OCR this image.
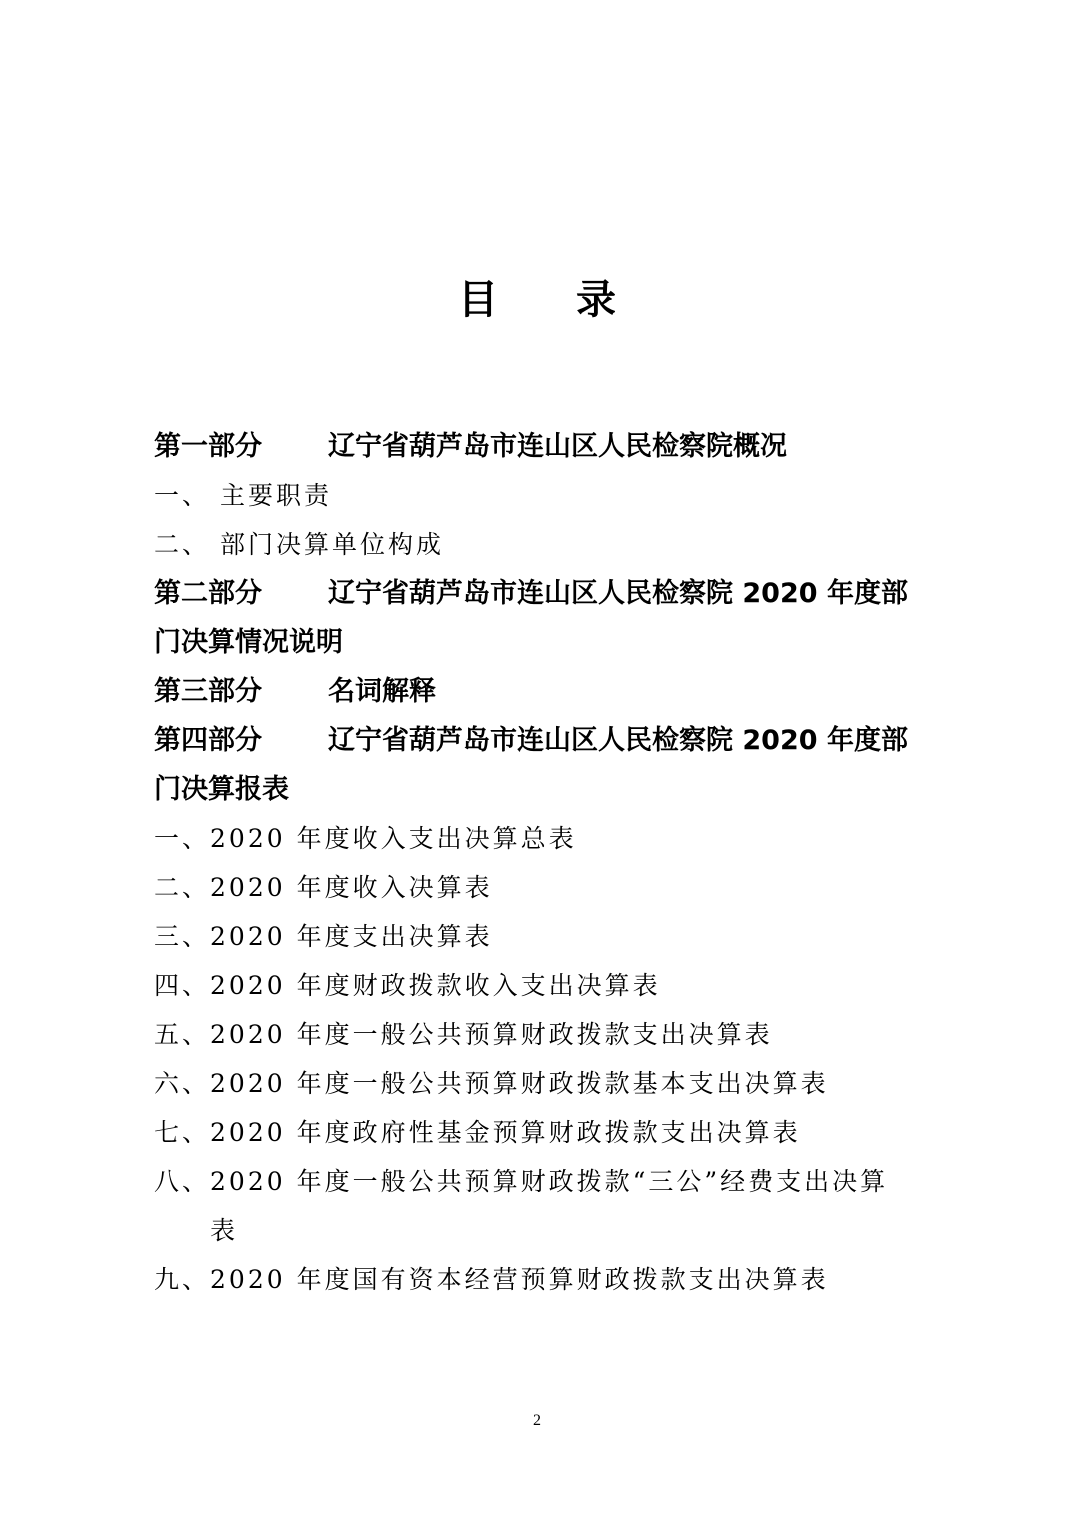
目 录
第一部分	辽宁省葫芦岛市连山区人民检察院概况
一、 主要职责
二、 部门决算单位构成
第二部分 辽宁省葫芦岛市连山区人民检察院 2020 年度部门决算情况说明
第三部分	名词解释
第四部分 辽宁省葫芦岛市连山区人民检察院 2020 年度部门决算报表
一、 2020 年度收入支出决算总表
二、 2020 年度收入决算表
三、 2020 年度支出决算表
四、 2020 年度财政拨款收入支出决算表
五、 2020 年度一般公共预算财政拨款支出决算表
六、 2020 年度一般公共预算财政拨款基本支出决算表
七、 2020 年度政府性基金预算财政拨款支出决算表
八、 2020 年度一般公共预算财政拨款“三公”经费支出决算表
九、 2020 年度国有资本经营预算财政拨款支出决算表
2
